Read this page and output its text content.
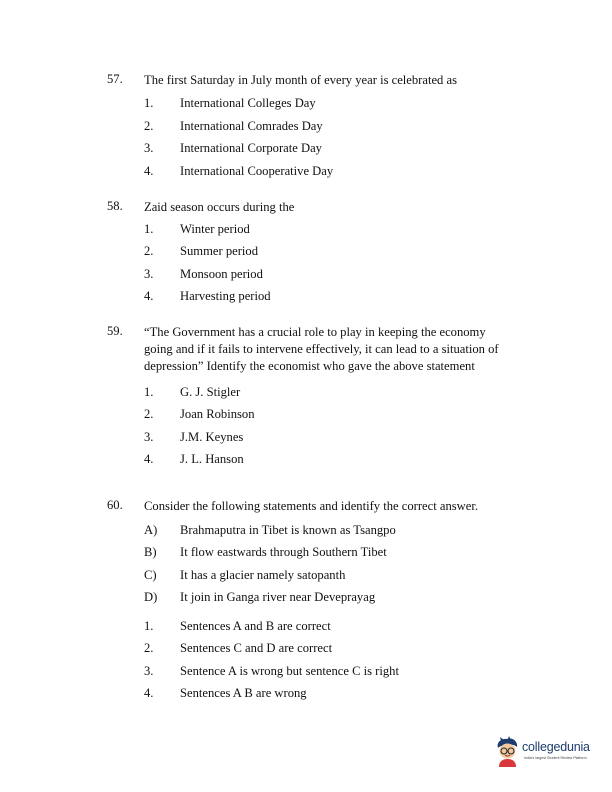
57. The first Saturday in July month of every year is celebrated as
1. International Colleges Day
2. International Comrades Day
3. International Corporate Day
4. International Cooperative Day
58. Zaid season occurs during the
1. Winter period
2. Summer period
3. Monsoon period
4. Harvesting period
59. “The Government has a crucial role to play in keeping the economy going and if it fails to intervene effectively, it can lead to a situation of depression” Identify the economist who gave the above statement
1. G. J. Stigler
2. Joan Robinson
3. J.M. Keynes
4. J. L. Hanson
60. Consider the following statements and identify the correct answer.
A) Brahmaputra in Tibet is known as Tsangpo
B) It flow eastwards through Southern Tibet
C) It has a glacier namely satopanth
D) It join in Ganga river near Deveprayag
1. Sentences A and B are correct
2. Sentences C and D are correct
3. Sentence A is wrong but sentence C is right
4. Sentences A B are wrong
collegedunia
India's largest Student Review Platform
